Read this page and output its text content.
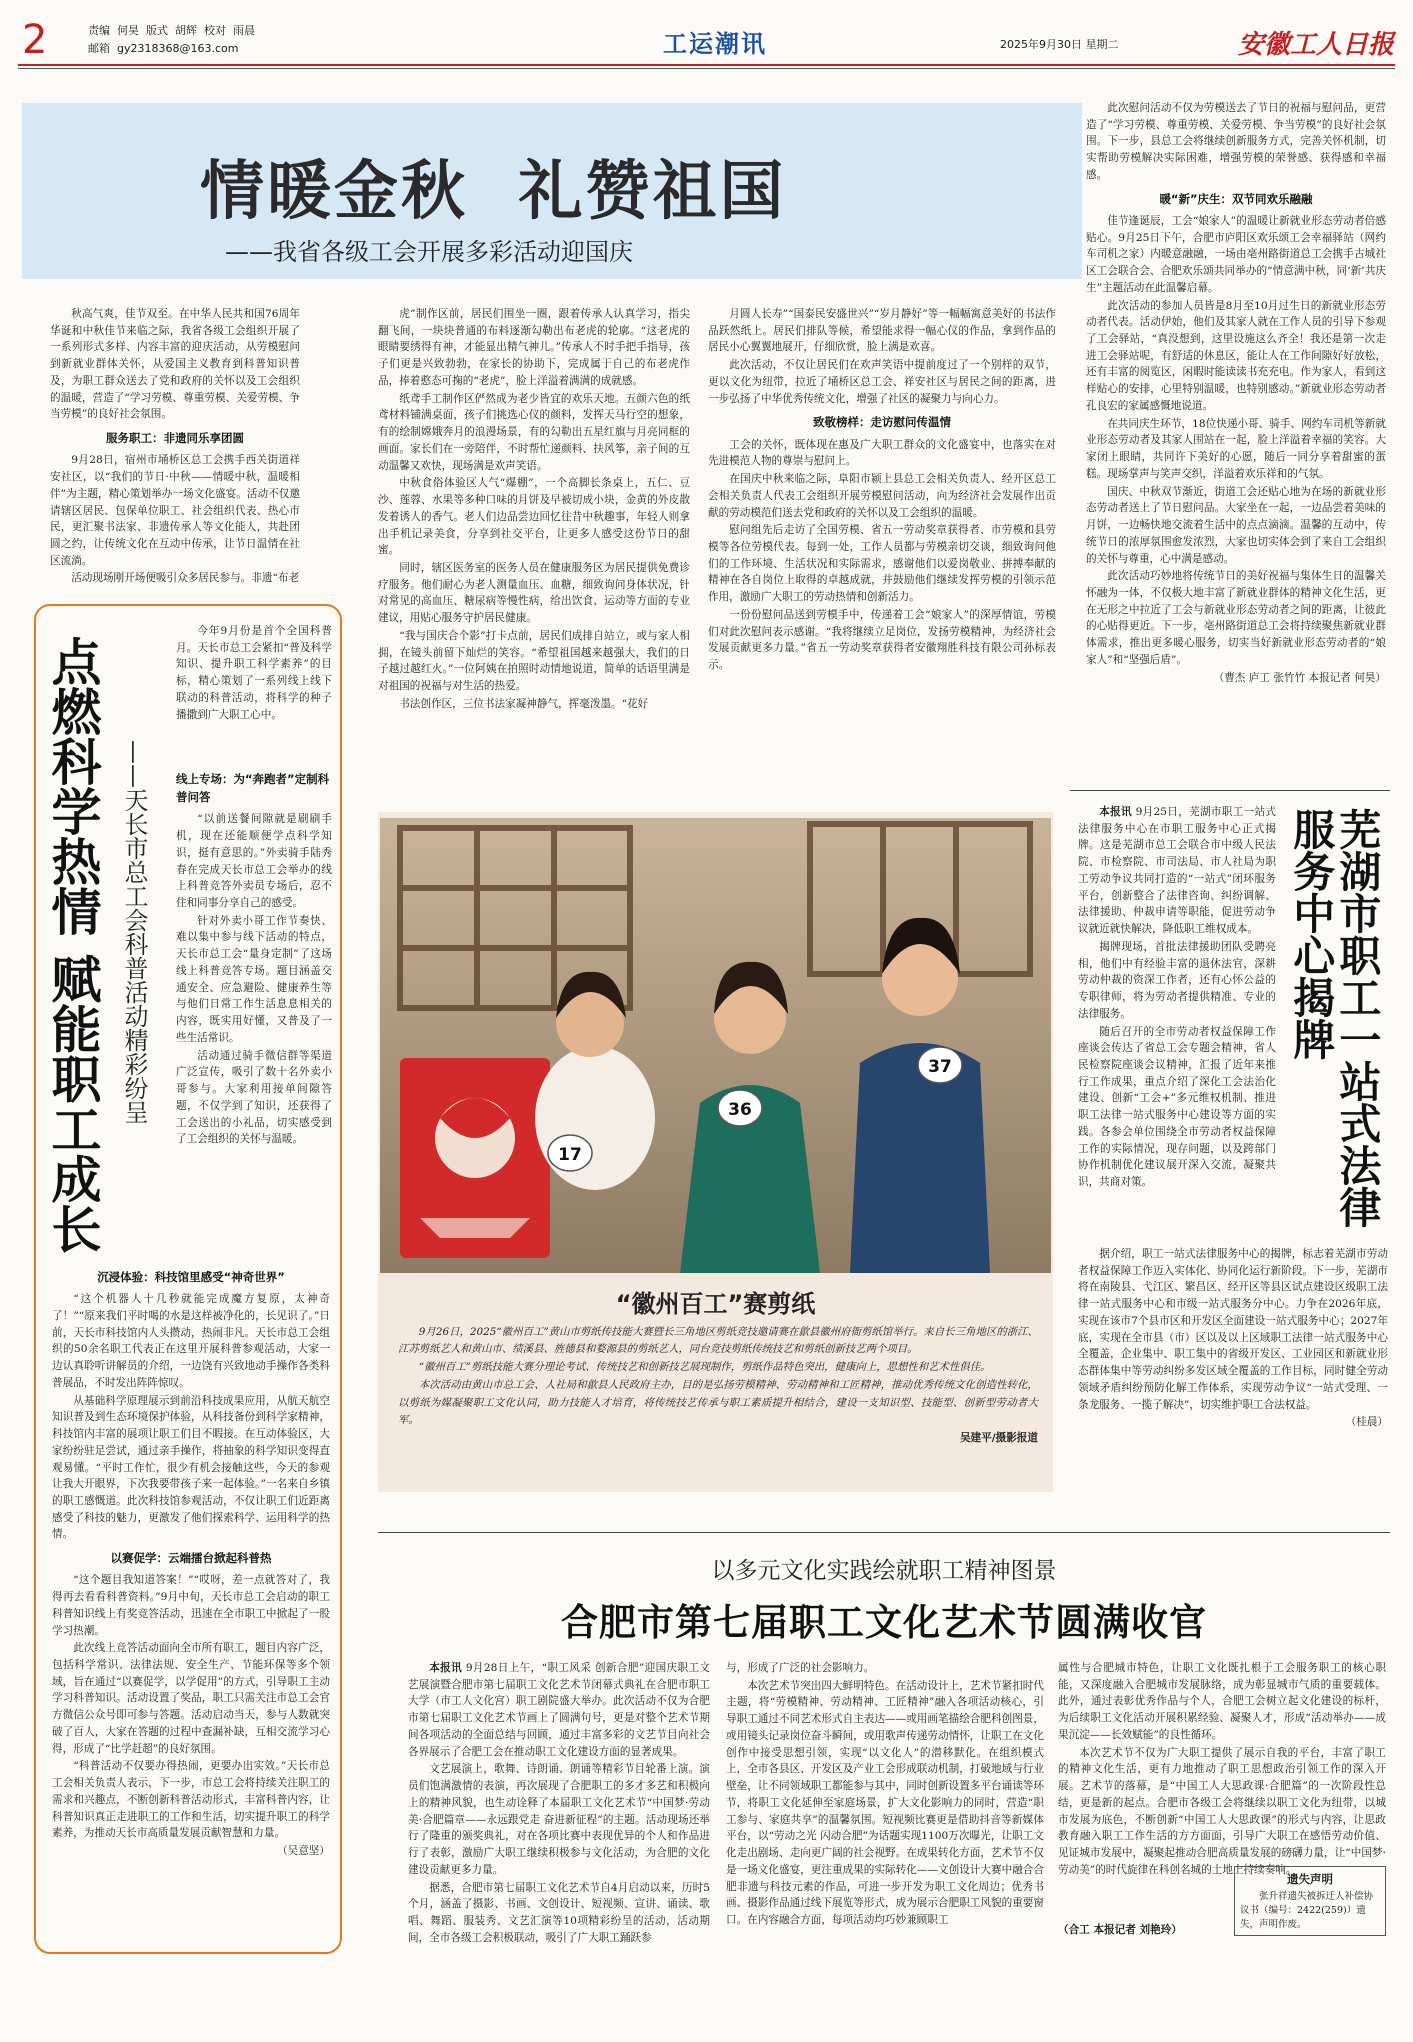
2	责编  何昊  版式  胡辉  校对  雨晨
邮箱  gy2318368@163.com	工运潮讯	2025年9月30日 星期二	安徽工人日报
情暖金秋  礼赞祖国
——我省各级工会开展多彩活动迎国庆

秋高气爽，佳节双至。在中华人民共和国76周年华诞和中秋佳节来临之际，我省各级工会组织开展了一系列形式多样、内容丰富的迎庆活动，从劳模慰问到新就业群体关怀，从爱国主义教育到科普知识普及，为职工群众送去了党和政府的关怀以及工会组织的温暖，营造了“学习劳模、尊重劳模、关爱劳模、争当劳模”的良好社会氛围。

服务职工：非遗同乐享团圆

9月28日，宿州市埇桥区总工会携手西关街道祥安社区，以“我们的节日·中秋——情暖中秋，温暖相伴”为主题，精心策划举办一场文化盛宴。活动不仅邀请辖区居民、包保单位职工、社会组织代表、热心市民，更汇聚书法家、非遗传承人等文化能人，共赴团圆之约，让传统文化在互动中传承，让节日温情在社区流淌。

活动现场刚开场便吸引众多居民参与。非遗“布老

虎”制作区前，居民们围坐一圈，跟着传承人认真学习，指尖翻飞间，一块块普通的布料逐渐勾勒出布老虎的轮廓。“这老虎的眼睛要绣得有神，才能显出精气神儿。”传承人不时手把手指导，孩子们更是兴致勃勃，在家长的协助下，完成属于自己的布老虎作品，捧着憨态可掬的“老虎”，脸上洋溢着满满的成就感。

纸鸢手工制作区俨然成为老少皆宜的欢乐天地。五颜六色的纸鸢材料铺满桌面，孩子们挑选心仪的颜料，发挥天马行空的想象，有的绘制嫦娥奔月的浪漫场景，有的勾勒出五星红旗与月亮同框的画面。家长们在一旁陪伴，不时帮忙递颜料、扶风筝，亲子间的互动温馨又欢快，现场满是欢声笑语。

中秋食俗体验区人气“爆棚”，一个高脚长条桌上，五仁、豆沙、莲蓉、水果等多种口味的月饼及早被切成小块，金黄的外皮散发着诱人的香气。老人们边品尝边回忆往昔中秋趣事，年轻人则拿出手机记录美食，分享到社交平台，让更多人感受这份节日的甜蜜。

同时，辖区医务室的医务人员在健康服务区为居民提供免费诊疗服务。他们耐心为老人测量血压、血糖，细致询问身体状况，针对常见的高血压、糖尿病等慢性病，给出饮食、运动等方面的专业建议，用贴心服务守护居民健康。

“我与国庆合个影”打卡点前，居民们成排自站立，或与家人相拥，在镜头前留下灿烂的笑容。“希望祖国越来越强大，我们的日子越过越红火。”一位阿姨在拍照时动情地说道，简单的话语里满是对祖国的祝福与对生活的热爱。

书法创作区，三位书法家凝神静气，挥毫泼墨。“花好

月圆人长寿”“国泰民安盛世兴”“岁月静好”等一幅幅寓意美好的书法作品跃然纸上。居民们排队等候，希望能求得一幅心仪的作品，拿到作品的居民小心翼翼地展开，仔细欣赏，脸上满是欢喜。

此次活动，不仅让居民们在欢声笑语中提前度过了一个别样的双节，更以文化为纽带，拉近了埇桥区总工会、祥安社区与居民之间的距离，进一步弘扬了中华优秀传统文化，增强了社区的凝聚力与向心力。

致敬榜样：走访慰问传温情

工会的关怀，既体现在惠及广大职工群众的文化盛宴中，也落实在对先进模范人物的尊崇与慰问上。

在国庆中秋来临之际，阜阳市颍上县总工会相关负责人、经开区总工会相关负责人代表工会组织开展劳模慰问活动，向为经济社会发展作出贡献的劳动模范们送去党和政府的关怀以及工会组织的温暖。

慰问组先后走访了全国劳模、省五一劳动奖章获得者、市劳模和县劳模等各位劳模代表。每到一处，工作人员都与劳模亲切交谈，细致询问他们的工作环境、生活状况和实际需求，感谢他们以爱岗敬业、拼搏奉献的精神在各自岗位上取得的卓越成就，并鼓励他们继续发挥劳模的引领示范作用，激励广大职工的劳动热情和创新活力。

一份份慰问品送到劳模手中，传递着工会“娘家人”的深厚情谊，劳模们对此次慰问表示感谢。“我将继续立足岗位，发扬劳模精神，为经济社会发展贡献更多力量。”省五一劳动奖章获得者安徽翔胜科技有限公司孙标表示。

此次慰问活动不仅为劳模送去了节日的祝福与慰问品，更营造了“学习劳模、尊重劳模、关爱劳模、争当劳模”的良好社会氛围。下一步，县总工会将继续创新服务方式，完善关怀机制，切实帮助劳模解决实际困难，增强劳模的荣誉感、获得感和幸福感。

暖“新”庆生：双节同欢乐融融

佳节逢诞辰，工会“娘家人”的温暖让新就业形态劳动者倍感贴心。9月25日下午，合肥市庐阳区欢乐颂工会幸福驿站（网约车司机之家）内暖意融融，一场由亳州路街道总工会携手古城社区工会联合会、合肥欢乐颂共同举办的“情意满中秋，同‘新’共庆生”主题活动在此温馨启幕。

此次活动的参加人员皆是8月至10月过生日的新就业形态劳动者代表。活动伊始，他们及其家人就在工作人员的引导下参观了工会驿站，“真没想到，这里设施这么齐全！我还是第一次走进工会驿站呢，有舒适的休息区，能让人在工作间隙好好放松，还有丰富的阅览区，闲暇时能读读书充充电。作为家人，看到这样贴心的安排，心里特别温暖，也特别感动。”新就业形态劳动者孔良宏的家属感慨地说道。

在共同庆生环节，18位快递小哥、骑手、网约车司机等新就业形态劳动者及其家人围站在一起，脸上洋溢着幸福的笑容。大家闭上眼睛，共同许下美好的心愿，随后一同分享着甜蜜的蛋糕。现场掌声与笑声交织，洋溢着欢乐祥和的气氛。

国庆、中秋双节渐近，街道工会还贴心地为在场的新就业形态劳动者送上了节日慰问品。大家坐在一起，一边品尝着美味的月饼，一边畅快地交流着生活中的点点滴滴。温馨的互动中，传统节日的浓厚氛围愈发浓烈，大家也切实体会到了来自工会组织的关怀与尊重，心中满是感动。

此次活动巧妙地将传统节日的美好祝福与集体生日的温馨关怀融为一体，不仅极大地丰富了新就业群体的精神文化生活，更在无形之中拉近了工会与新就业形态劳动者之间的距离，让彼此的心贴得更近。下一步，亳州路街道总工会将持续聚焦新就业群体需求，推出更多暖心服务，切实当好新就业形态劳动者的“娘家人”和“坚强后盾”。

（曹杰 庐工 张竹竹 本报记者 何昊）
点燃科学热情 赋能职工成长 ——天长市总工会科普活动精彩纷呈

今年9月份是首个全国科普月。天长市总工会紧扣“普及科学知识、提升职工科学素养”的目标，精心策划了一系列线上线下联动的科普活动，将科学的种子播撒到广大职工心中。

线上专场：为“奔跑者”定制科普问答

“以前送餐间隙就是刷刷手机，现在还能顺便学点科学知识，挺有意思的。”外卖骑手陆秀春在完成天长市总工会举办的线上科普竞答外卖员专场后，忍不住和同事分享自己的感受。

针对外卖小哥工作节奏快、难以集中参与线下活动的特点，天长市总工会“量身定制”了这场线上科普竞答专场。题目涵盖交通安全、应急避险、健康养生等与他们日常工作生活息息相关的内容，既实用好懂，又普及了一些生活常识。

活动通过骑手微信群等渠道广泛宣传，吸引了数十名外卖小哥参与。大家利用接单间隙答题，不仅学到了知识，还获得了工会送出的小礼品，切实感受到了工会组织的关怀与温暖。

沉浸体验：科技馆里感受“神奇世界”

“这个机器人十几秒就能完成魔方复原，太神奇了！”“原来我们平时喝的水是这样被净化的，长见识了。”日前，天长市科技馆内人头攒动，热闹非凡。天长市总工会组织的50余名职工代表正在这里开展科普参观活动，大家一边认真聆听讲解员的介绍，一边饶有兴致地动手操作各类科普展品，不时发出阵阵惊叹。

从基础科学原理展示到前沿科技成果应用，从航天航空知识普及到生态环境保护体验，从科技备份到科学家精神，科技馆内丰富的展项让职工们目不暇接。在互动体验区，大家纷纷驻足尝试，通过亲手操作，将抽象的科学知识变得直观易懂。“平时工作忙，很少有机会接触这些，今天的参观让我大开眼界，下次我要带孩子来一起体验。”一名来自乡镇的职工感慨道。此次科技馆参观活动，不仅让职工们近距离感受了科技的魅力，更激发了他们探索科学、运用科学的热情。

以赛促学：云端擂台掀起科普热

“这个题目我知道答案！”“哎呀，差一点就答对了，我得再去看看科普资料。”9月中旬，天长市总工会启动的职工科普知识线上有奖竞答活动，迅速在全市职工中掀起了一股学习热潮。

此次线上竞答活动面向全市所有职工，题目内容广泛，包括科学常识、法律法规、安全生产、节能环保等多个领域，旨在通过“以赛促学，以学促用”的方式，引导职工主动学习科普知识。活动设置了奖品，职工只需关注市总工会官方微信公众号即可参与答题。活动启动当天，参与人数就突破了百人，大家在答题的过程中查漏补缺，互相交流学习心得，形成了“比学赶超”的良好氛围。

“科普活动不仅要办得热闹，更要办出实效。”天长市总工会相关负责人表示，下一步，市总工会将持续关注职工的需求和兴趣点，不断创新科普活动形式，丰富科普内容，让科普知识真正走进职工的工作和生活，切实提升职工的科学素养，为推动天长市高质量发展贡献智慧和力量。

（吴意坚）
17
36
37
“徽州百工”赛剪纸

9月26日，2025“徽州百工”黄山市剪纸传技能大赛暨长三角地区剪纸竞技邀请赛在歙县徽州府衙剪纸馆举行。来自长三角地区的浙江、江苏剪纸艺人和黄山市、绩溪县、旌德县和婺源县的剪纸艺人，同台竞技剪纸传统技艺和剪纸创新技艺两个项目。

“徽州百工”剪纸技能大赛分理论考试、传统技艺和创新技艺展现制作，剪纸作品特色突出，健康向上，思想性和艺术性俱佳。

本次活动由黄山市总工会、人社局和歙县人民政府主办，目的是弘扬劳模精神、劳动精神和工匠精神，推动优秀传统文化创造性转化，以剪纸为媒凝聚职工文化认同，助力技能人才培育，将传统技艺传承与职工素质提升相结合，建设一支知识型、技能型、创新型劳动者大军。

吴建平/摄影报道
芜湖市职工一站式法律服务中心揭牌

本报讯 9月25日，芜湖市职工一站式法律服务中心在市职工服务中心正式揭牌。这是芜湖市总工会联合市中级人民法院、市检察院、市司法局、市人社局为职工劳动争议共同打造的“一站式”闭环服务平台，创新整合了法律咨询、纠纷调解、法律援助、仲裁申请等职能，促进劳动争议就近就快解决，降低职工维权成本。

揭牌现场，首批法律援助团队受聘亮相，他们中有经验丰富的退休法官，深耕劳动仲裁的资深工作者，还有心怀公益的专职律师，将为劳动者提供精准、专业的法律服务。

随后召开的全市劳动者权益保障工作座谈会传达了省总工会专题会精神，省人民检察院座谈会议精神，汇报了近年来推行工作成果，重点介绍了深化工会法治化建设、创新“工会+”多元维权机制、推进职工法律一站式服务中心建设等方面的实践。各参会单位围绕全市劳动者权益保障工作的实际情况，现存问题，以及跨部门协作机制优化建议展开深入交流，凝聚共识，共商对策。

据介绍，职工一站式法律服务中心的揭牌，标志着芜湖市劳动者权益保障工作迈入实体化、协同化运行新阶段。下一步，芜湖市将在南陵县、弋江区、繁昌区、经开区等县区试点建设区级职工法律一站式服务中心和市级一站式服务分中心。力争在2026年底，实现在该市7个县市区和开发区全面建设一站式服务中心；2027年底，实现在全市县（市）区以及以上区域职工法律一站式服务中心全覆盖，企业集中、职工集中的省级开发区、工业园区和新就业形态群体集中等劳动纠纷多发区域全覆盖的工作目标，同时健全劳动领域矛盾纠纷预防化解工作体系，实现劳动争议“一站式受理、一条龙服务、一揽子解决”，切实维护职工合法权益。

（桂晨）
以多元文化实践绘就职工精神图景
合肥市第七届职工文化艺术节圆满收官

本报讯 9月28日上午，“职工风采 创新合肥”迎国庆职工文艺展演暨合肥市第七届职工文化艺术节闭幕式典礼在合肥市职工大学（市工人文化宫）职工剧院盛大举办。此次活动不仅为合肥市第七届职工文化艺术节画上了圆满句号，更是对整个艺术节期间各项活动的全面总结与回顾，通过丰富多彩的文艺节目向社会各界展示了合肥工会在推动职工文化建设方面的显著成果。

文艺展演上，歌舞、诗朗诵、朗诵等精彩节目轮番上演。演员们饱满激情的表演，再次展现了合肥职工的多才多艺和积极向上的精神风貌，也生动诠释了本届职工文化艺术节“中国梦·劳动美·合肥篇章——永远跟党走 奋进新征程”的主题。活动现场还举行了隆重的颁奖典礼，对在各项比赛中表现优异的个人和作品进行了表彰，激励广大职工继续积极参与文化活动，为合肥的文化建设贡献更多力量。

据悉，合肥市第七届职工文化艺术节自4月启动以来，历时5个月，涵盖了摄影、书画、文创设计、短视频、宣讲、诵读、歌唱、舞蹈、服装秀、文艺汇演等10项精彩纷呈的活动，活动期间，全市各级工会积极联动，吸引了广大职工踊跃参

与，形成了广泛的社会影响力。

本次艺术节突出四大鲜明特色。在活动设计上，艺术节紧扣时代主题，将“劳模精神、劳动精神、工匠精神”融入各项活动核心，引导职工通过不同艺术形式自主表达——或用画笔描绘合肥科创图景，或用镜头记录岗位奋斗瞬间，或用歌声传递劳动情怀，让职工在文化创作中接受思想引领，实现“以文化人”的潜移默化。在组织模式上，全市各县区、开发区及产业工会形成联动机制，打破地域与行业壁垒，让不同领域职工都能参与其中，同时创新设置多平台诵读等环节，将职工文化延伸至家庭场景，扩大文化影响力的同时，营造“职工参与、家庭共享”的温馨氛围。短视频比赛更是借助抖音等新媒体平台，以“劳动之光 闪动合肥”为话题实现1100万次曝光，让职工文化走出剧场、走向更广阔的社会视野。在成果转化方面，艺术节不仅是一场文化盛宴，更注重成果的实际转化——文创设计大赛中融合合肥非遗与科技元素的作品，可进一步开发为职工文化周边；优秀书画、摄影作品通过线下展览等形式，成为展示合肥职工风貌的重要窗口。在内容融合方面，每项活动均巧妙兼顾职工

属性与合肥城市特色，让职工文化既扎根于工会服务职工的核心职能，又深度融入合肥城市发展脉络，成为彰显城市气质的重要载体。此外，通过表彰优秀作品与个人，合肥工会树立起文化建设的标杆，为后续职工文化活动开展积累经验、凝聚人才，形成“活动举办——成果沉淀——长效赋能”的良性循环。

本次艺术节不仅为广大职工提供了展示自我的平台，丰富了职工的精神文化生活，更有力地推动了职工思想政治引领工作的深入开展。艺术节的落幕，是“中国工人大思政课·合肥篇”的一次阶段性总结，更是新的起点。合肥市各级工会将继续以职工文化为纽带，以城市发展为底色，不断创新“中国工人大思政课”的形式与内容，让思政教育融入职工工作生活的方方面面，引导广大职工在感悟劳动价值、见证城市发展中，凝聚起推动合肥高质量发展的磅礴力量，让“中国梦·劳动美”的时代旋律在科创名城的土地上持续奏响。

（合工 本报记者 刘艳玲）
遗失声明
张升祥遗失被拆迁人补偿协议书（编号：2422(259)）遗失，声明作废。
